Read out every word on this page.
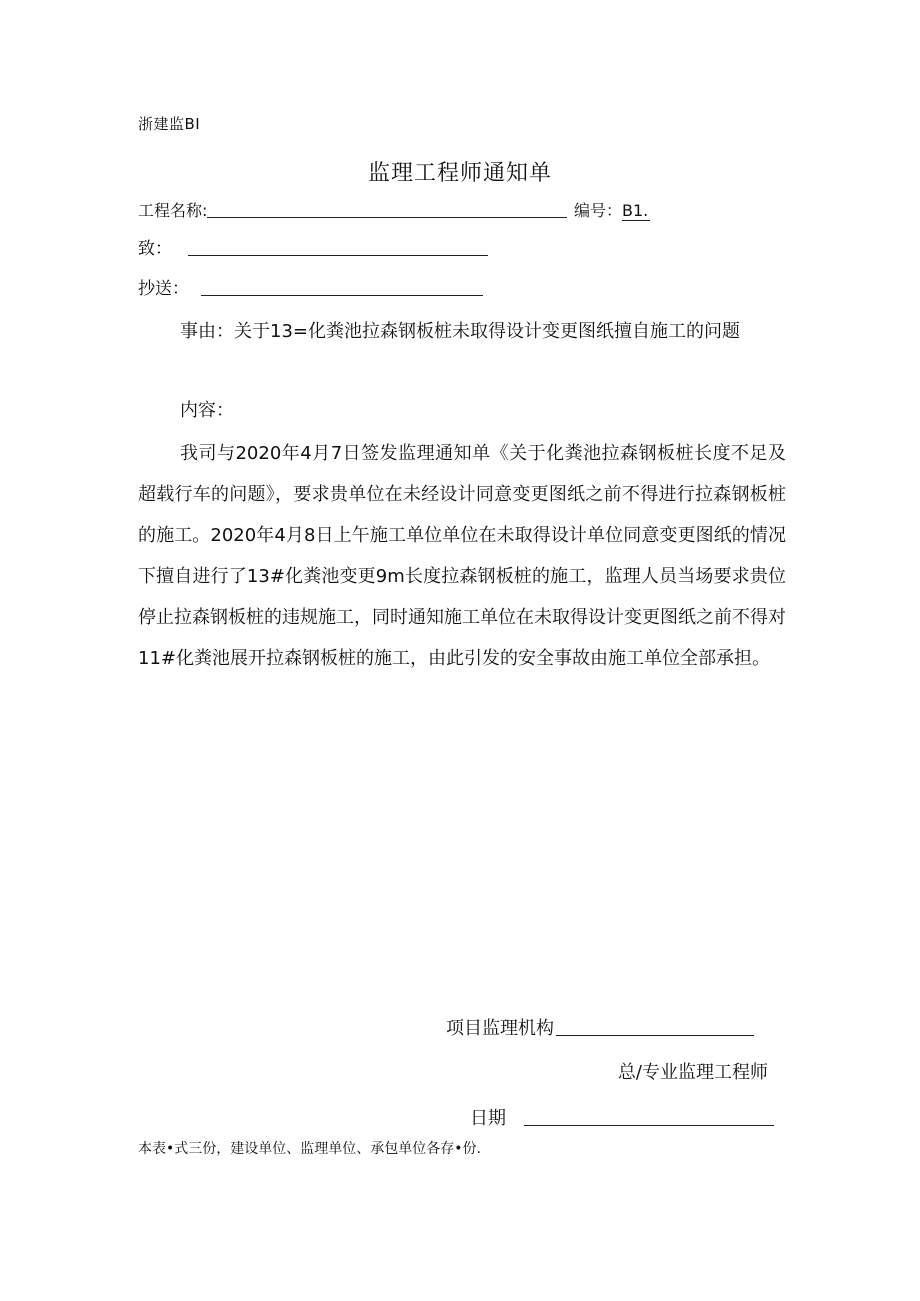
浙建监BI
监理工程师通知单
工程名称:	编号： B1.
致：
抄送：
事由：关于13=化粪池拉森钢板桩未取得设计变更图纸擅自施工的问题
内容：
我司与2020年4月7日签发监理通知单《关于化粪池拉森钢板桩长度不足及超载行车的问题》，要求贵单位在未经设计同意变更图纸之前不得进行拉森钢板桩的施工。2020年4月8日上午施工单位单位在未取得设计单位同意变更图纸的情况下擅自进行了13#化粪池变更9m长度拉森钢板桩的施工，监理人员当场要求贵位停止拉森钢板桩的违规施工，同时通知施工单位在未取得设计变更图纸之前不得对11#化粪池展开拉森钢板桩的施工，由此引发的安全事故由施工单位全部承担。
项目监理机构
总/专业监理工程师
日期
本表•式三份，建设单位、监理单位、承包单位各存•份.
